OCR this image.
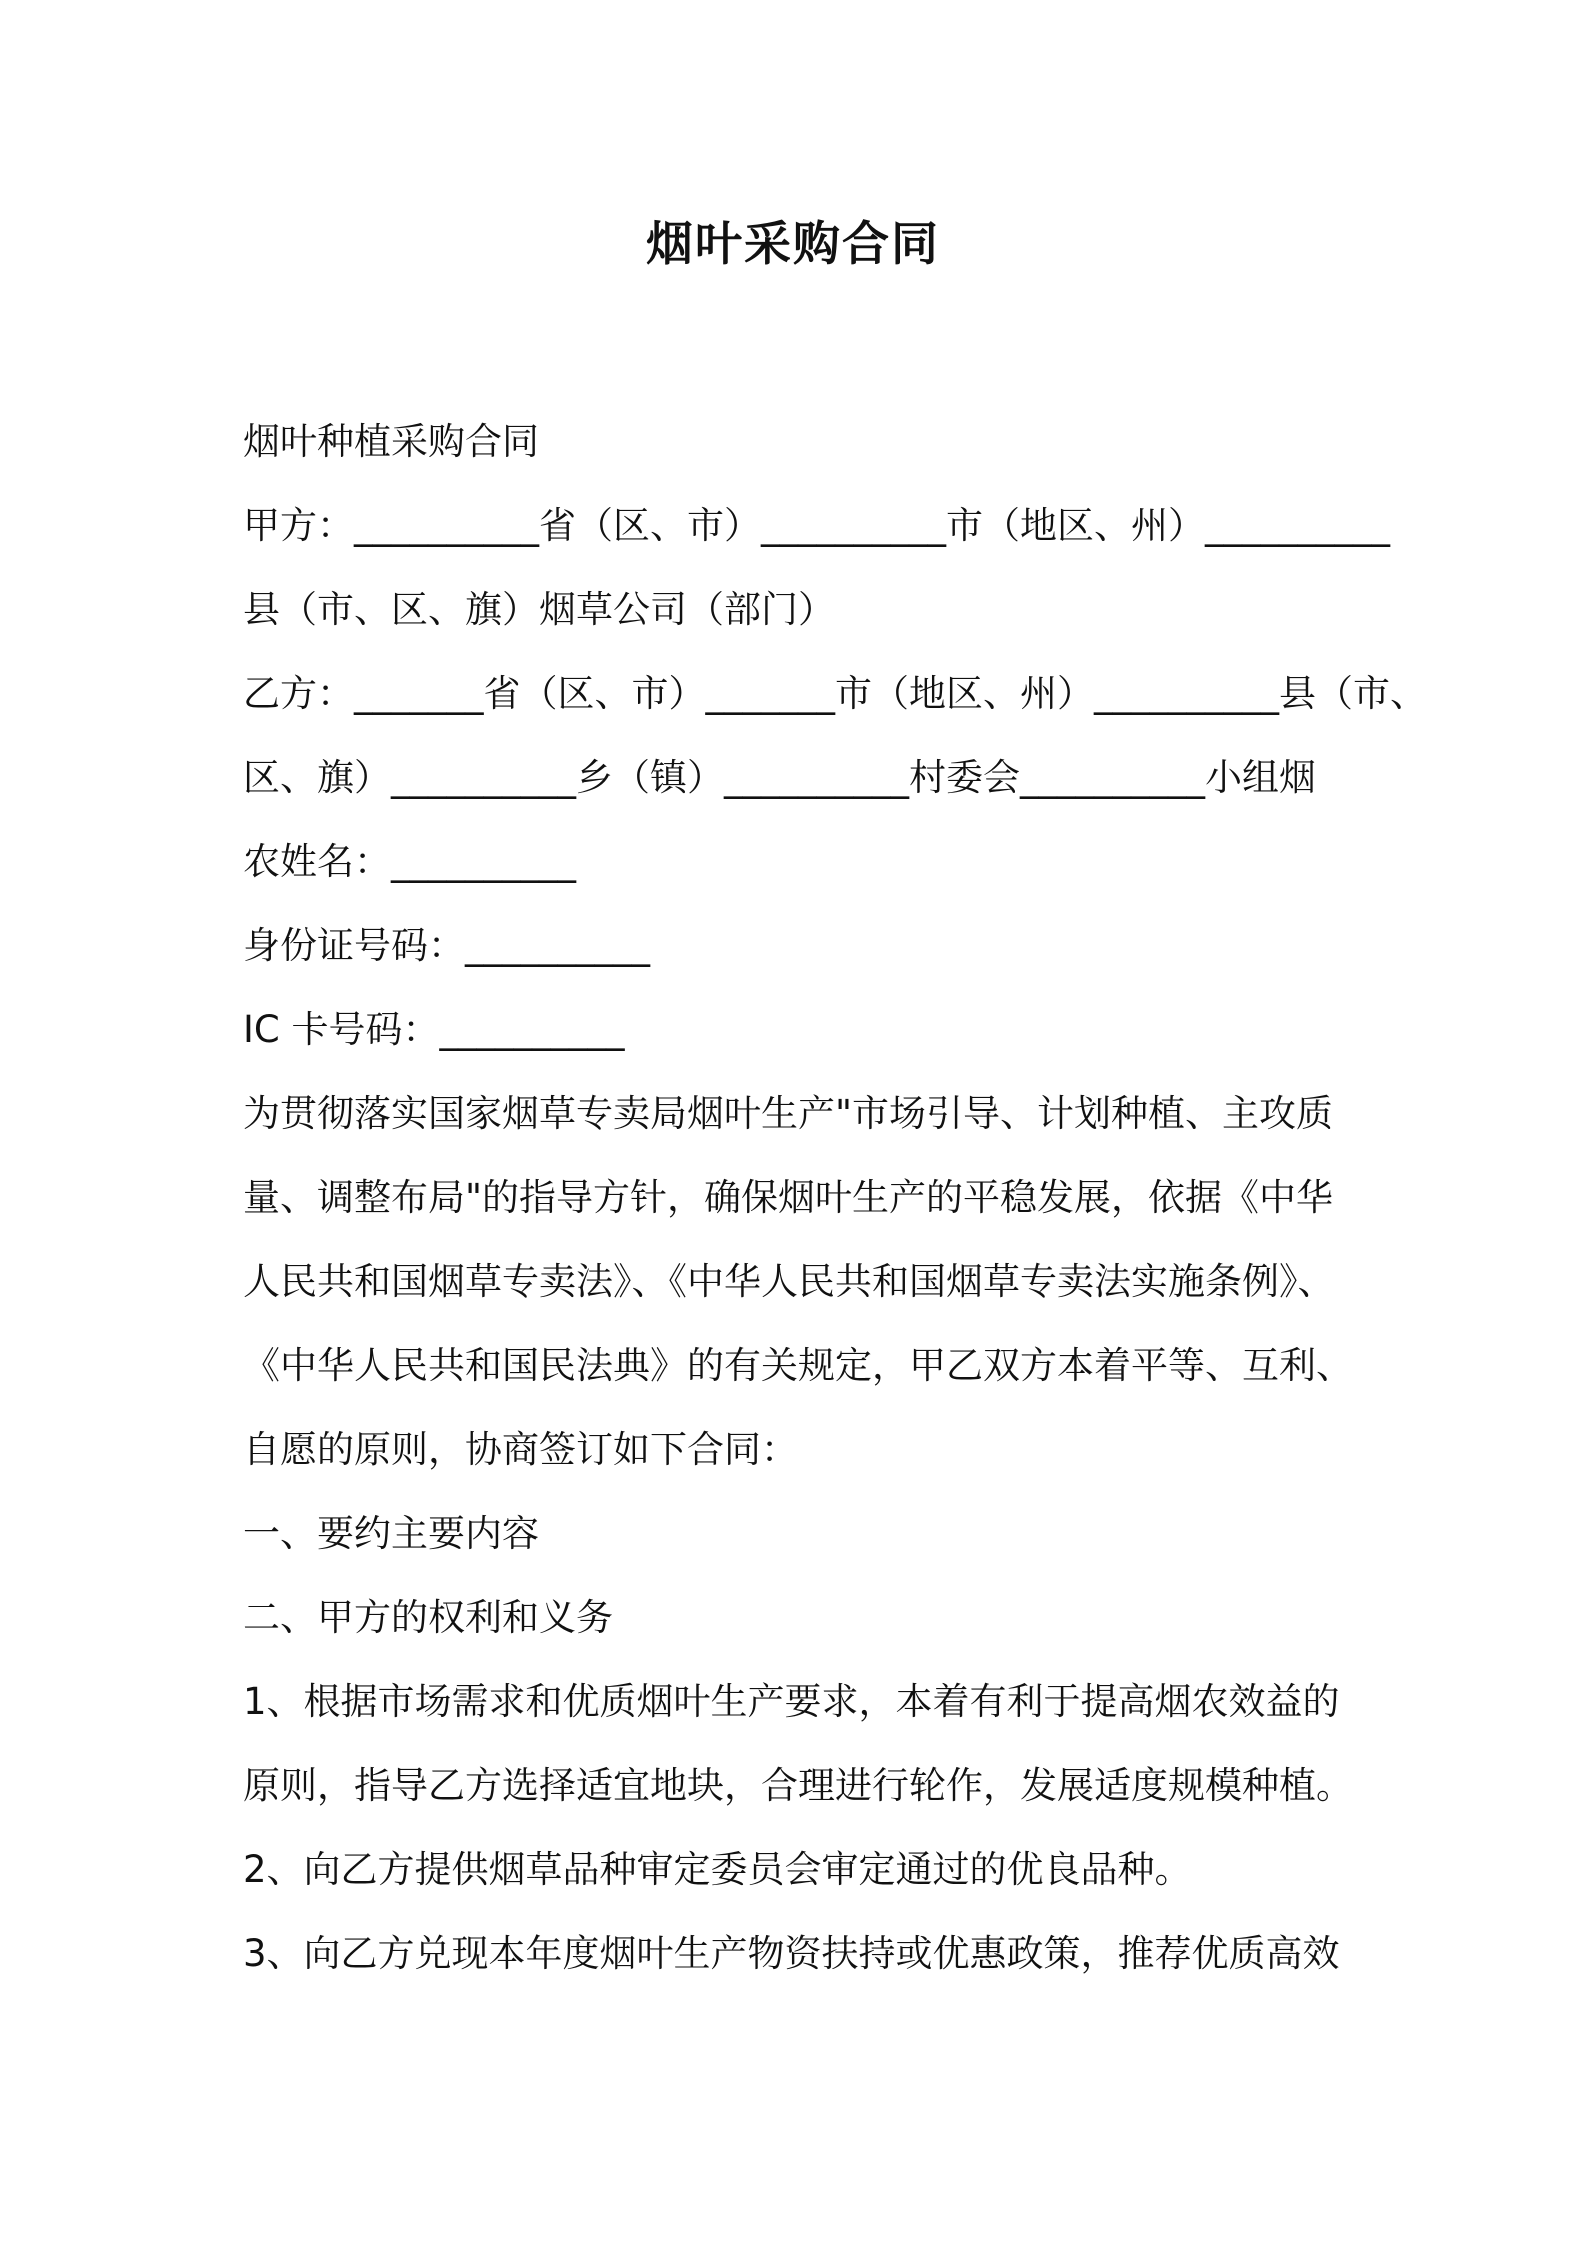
烟叶采购合同
烟叶种植采购合同
甲方：__________省（区、市）__________市（地区、州）__________
县（市、区、旗）烟草公司（部门）
乙方：_______省（区、市）_______市（地区、州）__________县（市、
区、旗）__________乡（镇）__________村委会__________小组烟
农姓名：__________
身份证号码：__________
IC 卡号码：__________
为贯彻落实国家烟草专卖局烟叶生产"市场引导、计划种植、主攻质
量、调整布局"的指导方针，确保烟叶生产的平稳发展，依据《中华
人民共和国烟草专卖法》、《中华人民共和国烟草专卖法实施条例》、
《中华人民共和国民法典》的有关规定，甲乙双方本着平等、互利、
自愿的原则，协商签订如下合同：
一、要约主要内容
二、甲方的权利和义务
1、根据市场需求和优质烟叶生产要求，本着有利于提高烟农效益的
原则，指导乙方选择适宜地块，合理进行轮作，发展适度规模种植。
2、向乙方提供烟草品种审定委员会审定通过的优良品种。
3、向乙方兑现本年度烟叶生产物资扶持或优惠政策，推荐优质高效
